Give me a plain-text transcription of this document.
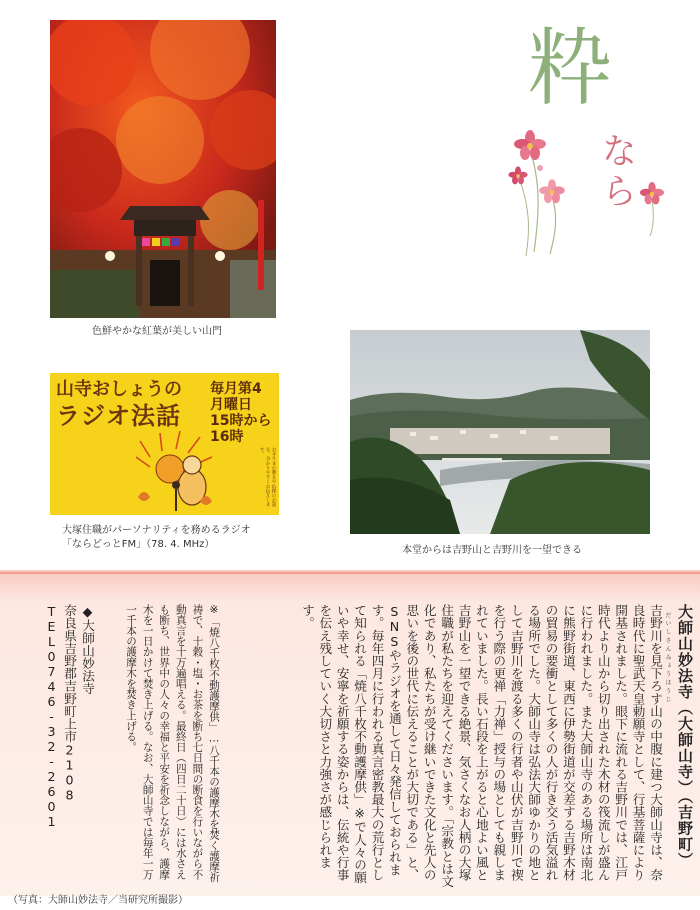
色鮮やかな紅葉が美しい山門
粋
なら
山寺おしょうの
ラジオ法話
毎月第4月曜日
15時から16時
お寺さまの教えや仏様のお話を、分かりやすくお伝えします。
大塚住職がパーソナリティを務めるラジオ
「ならどっとFM」（78. 4. MHz）
本堂からは吉野山と吉野川を一望できる
大師山妙法寺（大師山寺）（吉野町）
だいしさんみょうほうじ
吉野川を見下ろす山の中腹に建つ大師山寺は、奈良時代に聖武天皇勅願寺として、行基菩薩により開基されました。眼下に流れる吉野川では、江戸時代より山から切り出された木材の筏流しが盛んに行われました。また大師山寺のある場所は南北に熊野街道、東西に伊勢街道が交差する吉野木材の貿易の要衝として多くの人が行き交う活気溢れる場所でした。大師山寺は弘法大師ゆかりの地として吉野川を渡る多くの行者や山伏が吉野川で禊を行う際の更禅「力禅」授与の場としても親しまれていました。長い石段を上がると心地よい風と吉野山を一望できる絶景、気さくなお人柄の大塚住職が私たちを迎えてくださいます。「宗教とは文化であり、私たちが受け継いできた文化と先人の思いを後の世代に伝えることが大切である」と、SNSやラジオを通して日々発信しておられます。毎年四月に行われる真言密教最大の荒行として知られる「焼八千枚不動護摩供」※で人々の願いや幸せ、安寧を祈願する姿からは、伝統や行事を伝え残していく大切さと力強さが感じられます。
※「焼八千枚不動護摩供」…八千本の護摩木を焚く護摩祈祷で、十穀・塩・お茶を断ち七日間の断食を行いながら不動真言を十万遍唱える。最終日（四日二十日）には水さえも断ち、世界中の人々の幸福と平安を祈念しながら、護摩木を一日かけて焚き上げる。なお、大師山寺では毎年一万一千本の護摩木を焚き上げる。
◆大師山妙法寺
奈良県吉野郡吉野町上市2108
TEL0746-32-2601
（写真：大師山妙法寺／当研究所撮影）
